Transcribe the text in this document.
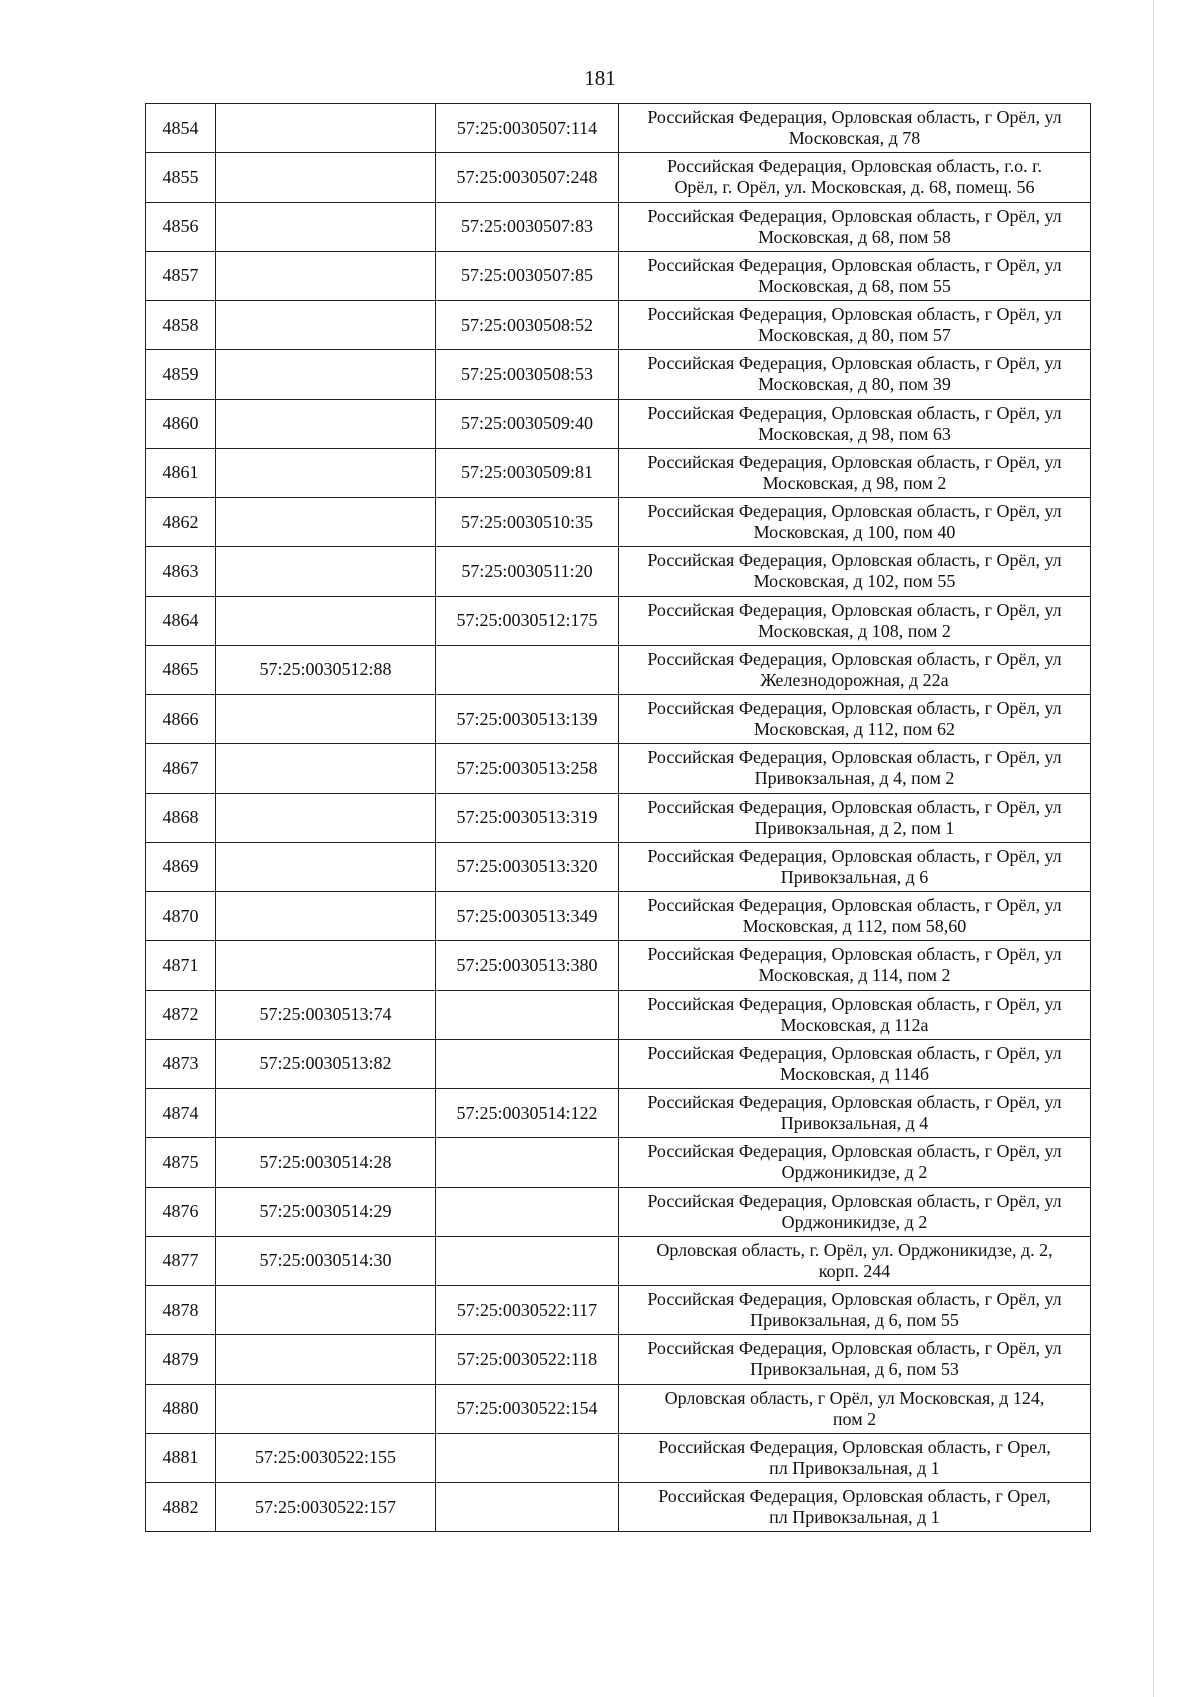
181
4854		57:25:0030507:114	Российская Федерация, Орловская область, г Орёл, ул
Московская, д 78

4855		57:25:0030507:248	Российская Федерация, Орловская область, г.о. г.
Орёл, г. Орёл, ул. Московская, д. 68, помещ. 56

4856		57:25:0030507:83	Российская Федерация, Орловская область, г Орёл, ул
Московская, д 68, пом 58

4857		57:25:0030507:85	Российская Федерация, Орловская область, г Орёл, ул
Московская, д 68, пом 55

4858		57:25:0030508:52	Российская Федерация, Орловская область, г Орёл, ул
Московская, д 80, пом 57

4859		57:25:0030508:53	Российская Федерация, Орловская область, г Орёл, ул
Московская, д 80, пом 39

4860		57:25:0030509:40	Российская Федерация, Орловская область, г Орёл, ул
Московская, д 98, пом 63

4861		57:25:0030509:81	Российская Федерация, Орловская область, г Орёл, ул
Московская, д 98, пом 2

4862		57:25:0030510:35	Российская Федерация, Орловская область, г Орёл, ул
Московская, д 100, пом 40

4863		57:25:0030511:20	Российская Федерация, Орловская область, г Орёл, ул
Московская, д 102, пом 55

4864		57:25:0030512:175	Российская Федерация, Орловская область, г Орёл, ул
Московская, д 108, пом 2

4865	57:25:0030512:88		Российская Федерация, Орловская область, г Орёл, ул
Железнодорожная, д 22а

4866		57:25:0030513:139	Российская Федерация, Орловская область, г Орёл, ул
Московская, д 112, пом 62

4867		57:25:0030513:258	Российская Федерация, Орловская область, г Орёл, ул
Привокзальная, д 4, пом 2

4868		57:25:0030513:319	Российская Федерация, Орловская область, г Орёл, ул
Привокзальная, д 2, пом 1

4869		57:25:0030513:320	Российская Федерация, Орловская область, г Орёл, ул
Привокзальная, д 6

4870		57:25:0030513:349	Российская Федерация, Орловская область, г Орёл, ул
Московская, д 112, пом 58,60

4871		57:25:0030513:380	Российская Федерация, Орловская область, г Орёл, ул
Московская, д 114, пом 2

4872	57:25:0030513:74		Российская Федерация, Орловская область, г Орёл, ул
Московская, д 112а

4873	57:25:0030513:82		Российская Федерация, Орловская область, г Орёл, ул
Московская, д 114б

4874		57:25:0030514:122	Российская Федерация, Орловская область, г Орёл, ул
Привокзальная, д 4

4875	57:25:0030514:28		Российская Федерация, Орловская область, г Орёл, ул
Орджоникидзе, д 2

4876	57:25:0030514:29		Российская Федерация, Орловская область, г Орёл, ул
Орджоникидзе, д 2

4877	57:25:0030514:30		Орловская область, г. Орёл, ул. Орджоникидзе, д. 2,
корп. 244

4878		57:25:0030522:117	Российская Федерация, Орловская область, г Орёл, ул
Привокзальная, д 6, пом 55

4879		57:25:0030522:118	Российская Федерация, Орловская область, г Орёл, ул
Привокзальная, д 6, пом 53

4880		57:25:0030522:154	Орловская область, г Орёл, ул Московская, д 124,
пом 2

4881	57:25:0030522:155		Российская Федерация, Орловская область, г Орел,
пл Привокзальная, д 1

4882	57:25:0030522:157		Российская Федерация, Орловская область, г Орел,
пл Привокзальная, д 1
